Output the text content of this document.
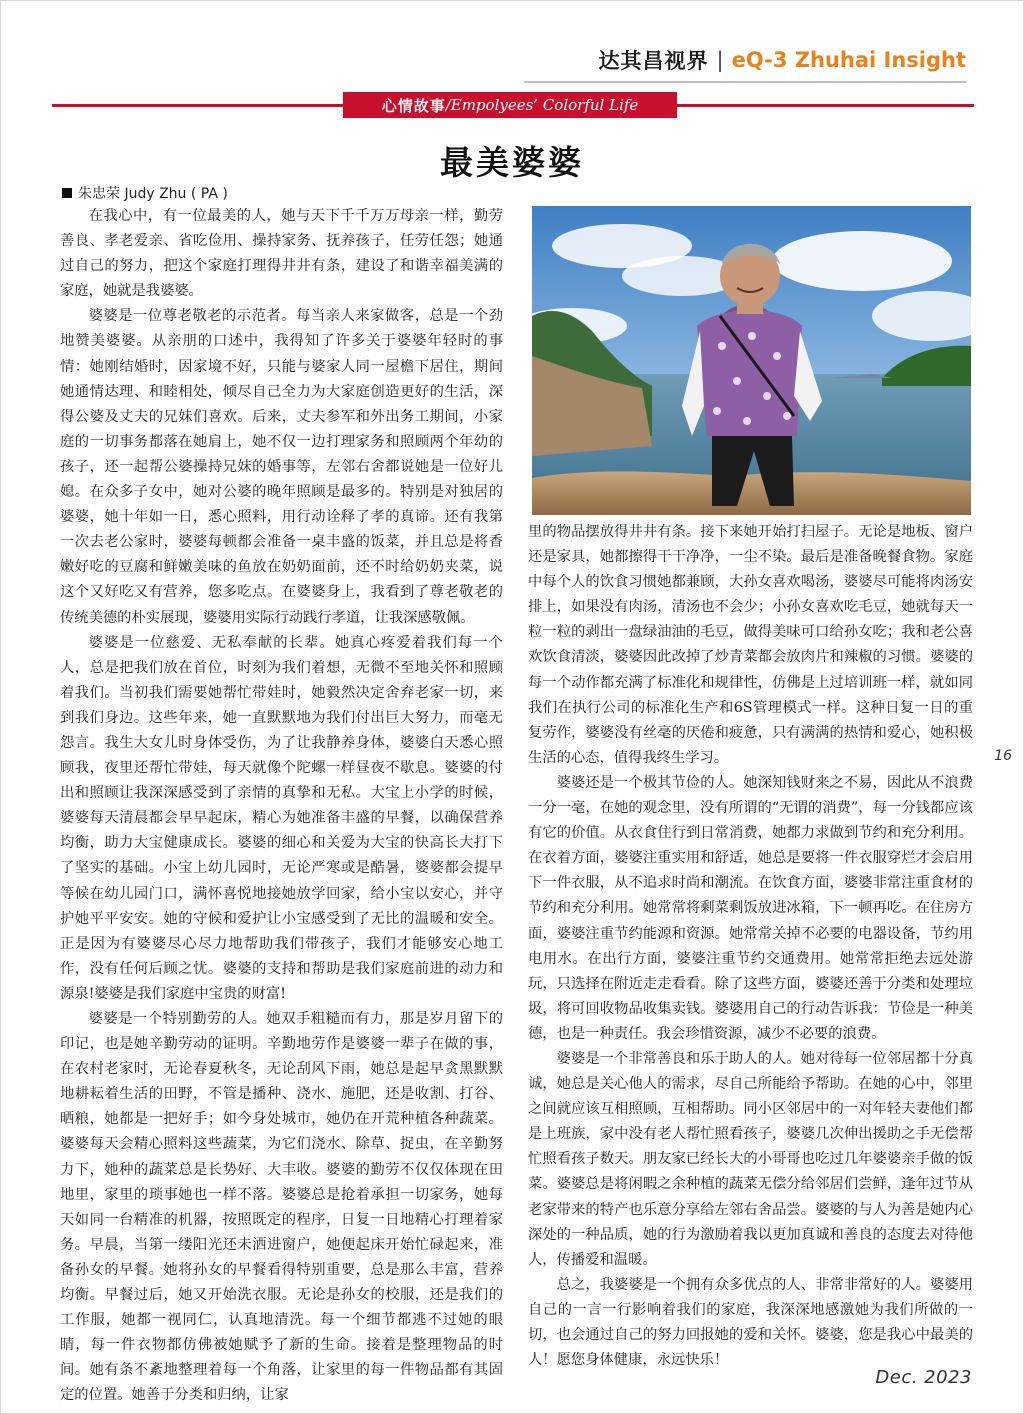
达其昌视界 | eQ-3 Zhuhai Insight
心情故事 /Empolyees’ Colorful Life
最美婆婆
朱忠荣 Judy Zhu ( PA )

在我心中，有一位最美的人，她与天下千千万万母亲一样，勤劳善良、孝老爱亲、省吃俭用、操持家务、抚养孩子，任劳任怨；她通过自己的努力，把这个家庭打理得井井有条，建设了和谐幸福美满的家庭，她就是我婆婆。

婆婆是一位尊老敬老的示范者。每当亲人来家做客，总是一个劲地赞美婆婆。从亲朋的口述中，我得知了许多关于婆婆年轻时的事情：她刚结婚时，因家境不好，只能与婆家人同一屋檐下居住，期间她通情达理、和睦相处，倾尽自己全力为大家庭创造更好的生活，深得公婆及丈夫的兄妹们喜欢。后来，丈夫参军和外出务工期间，小家庭的一切事务都落在她肩上，她不仅一边打理家务和照顾两个年幼的孩子，还一起帮公婆操持兄妹的婚事等，左邻右舍都说她是一位好儿媳。在众多子女中，她对公婆的晚年照顾是最多的。特别是对独居的婆婆，她十年如一日，悉心照料，用行动诠释了孝的真谛。还有我第一次去老公家时，婆婆每顿都会准备一桌丰盛的饭菜，并且总是将香嫩好吃的豆腐和鲜嫩美味的鱼放在奶奶面前，还不时给奶奶夹菜，说这个又好吃又有营养，您多吃点。在婆婆身上，我看到了尊老敬老的传统美德的朴实展现，婆婆用实际行动践行孝道，让我深感敬佩。

婆婆是一位慈爱、无私奉献的长辈。她真心疼爱着我们每一个人，总是把我们放在首位，时刻为我们着想，无微不至地关怀和照顾着我们。当初我们需要她帮忙带娃时，她毅然决定舍弃老家一切，来到我们身边。这些年来，她一直默默地为我们付出巨大努力，而毫无怨言。我生大女儿时身体受伤，为了让我静养身体，婆婆白天悉心照顾我，夜里还帮忙带娃，每天就像个陀螺一样昼夜不歇息。婆婆的付出和照顾让我深深感受到了亲情的真挚和无私。大宝上小学的时候，婆婆每天清晨都会早早起床，精心为她准备丰盛的早餐，以确保营养均衡，助力大宝健康成长。婆婆的细心和关爱为大宝的快高长大打下了坚实的基础。小宝上幼儿园时，无论严寒或是酷暑，婆婆都会提早等候在幼儿园门口，满怀喜悦地接她放学回家，给小宝以安心，并守护她平平安安。她的守候和爱护让小宝感受到了无比的温暖和安全。正是因为有婆婆尽心尽力地帮助我们带孩子，我们才能够安心地工作，没有任何后顾之忧。婆婆的支持和帮助是我们家庭前进的动力和源泉!婆婆是我们家庭中宝贵的财富!

婆婆是一个特别勤劳的人。她双手粗糙而有力，那是岁月留下的印记，也是她辛勤劳动的证明。辛勤地劳作是婆婆一辈子在做的事，在农村老家时，无论春夏秋冬，无论刮风下雨，她总是起早贪黑默默地耕耘着生活的田野，不管是播种、浇水、施肥，还是收割、打谷、晒粮，她都是一把好手；如今身处城市，她仍在开荒种植各种蔬菜。婆婆每天会精心照料这些蔬菜，为它们浇水、除草、捉虫，在辛勤努力下，她种的蔬菜总是长势好、大丰收。婆婆的勤劳不仅仅体现在田地里，家里的琐事她也一样不落。婆婆总是抢着承担一切家务，她每天如同一台精准的机器，按照既定的程序，日复一日地精心打理着家务。早晨，当第一缕阳光还未洒进窗户，她便起床开始忙碌起来，准备孙女的早餐。她将孙女的早餐看得特别重要，总是那么丰富，营养均衡。早餐过后，她又开始洗衣服。无论是孙女的校服，还是我们的工作服，她都一视同仁，认真地清洗。每一个细节都逃不过她的眼睛，每一件衣物都仿佛被她赋予了新的生命。接着是整理物品的时间。她有条不紊地整理着每一个角落，让家里的每一件物品都有其固定的位置。她善于分类和归纳，让家

里的物品摆放得井井有条。接下来她开始打扫屋子。无论是地板、窗户还是家具，她都擦得干干净净，一尘不染。最后是准备晚餐食物。家庭中每个人的饮食习惯她都兼顾，大孙女喜欢喝汤，婆婆尽可能将肉汤安排上，如果没有肉汤，清汤也不会少；小孙女喜欢吃毛豆，她就每天一粒一粒的剥出一盘绿油油的毛豆，做得美味可口给孙女吃；我和老公喜欢饮食清淡，婆婆因此改掉了炒青菜都会放肉片和辣椒的习惯。婆婆的每一个动作都充满了标准化和规律性，仿佛是上过培训班一样，就如同我们在执行公司的标准化生产和6S管理模式一样。这种日复一日的重复劳作，婆婆没有丝毫的厌倦和疲惫，只有满满的热情和爱心，她积极生活的心态，值得我终生学习。

婆婆还是一个极其节俭的人。她深知钱财来之不易，因此从不浪费一分一毫，在她的观念里，没有所谓的“无谓的消费”，每一分钱都应该有它的价值。从衣食住行到日常消费，她都力求做到节约和充分利用。在衣着方面，婆婆注重实用和舒适，她总是要将一件衣服穿烂才会启用下一件衣服，从不追求时尚和潮流。在饮食方面，婆婆非常注重食材的节约和充分利用。她常常将剩菜剩饭放进冰箱，下一顿再吃。在住房方面，婆婆注重节约能源和资源。她常常关掉不必要的电器设备，节约用电用水。在出行方面，婆婆注重节约交通费用。她常常拒绝去远处游玩，只选择在附近走走看看。除了这些方面，婆婆还善于分类和处理垃圾，将可回收物品收集卖钱。婆婆用自己的行动告诉我：节俭是一种美德，也是一种责任。我会珍惜资源，减少不必要的浪费。

婆婆是一个非常善良和乐于助人的人。她对待每一位邻居都十分真诚，她总是关心他人的需求，尽自己所能给予帮助。在她的心中，邻里之间就应该互相照顾，互相帮助。同小区邻居中的一对年轻夫妻他们都是上班族，家中没有老人帮忙照看孩子，婆婆几次伸出援助之手无偿帮忙照看孩子数天。朋友家已经长大的小哥哥也吃过几年婆婆亲手做的饭菜。婆婆总是将闲暇之余种植的蔬菜无偿分给邻居们尝鲜，逢年过节从老家带来的特产也乐意分享给左邻右舍品尝。婆婆的与人为善是她内心深处的一种品质，她的行为激励着我以更加真诚和善良的态度去对待他人，传播爱和温暖。

总之，我婆婆是一个拥有众多优点的人、非常非常好的人。婆婆用自己的一言一行影响着我们的家庭，我深深地感激她为我们所做的一切，也会通过自己的努力回报她的爱和关怀。婆婆，您是我心中最美的人！愿您身体健康，永远快乐！

16
Dec. 2023
